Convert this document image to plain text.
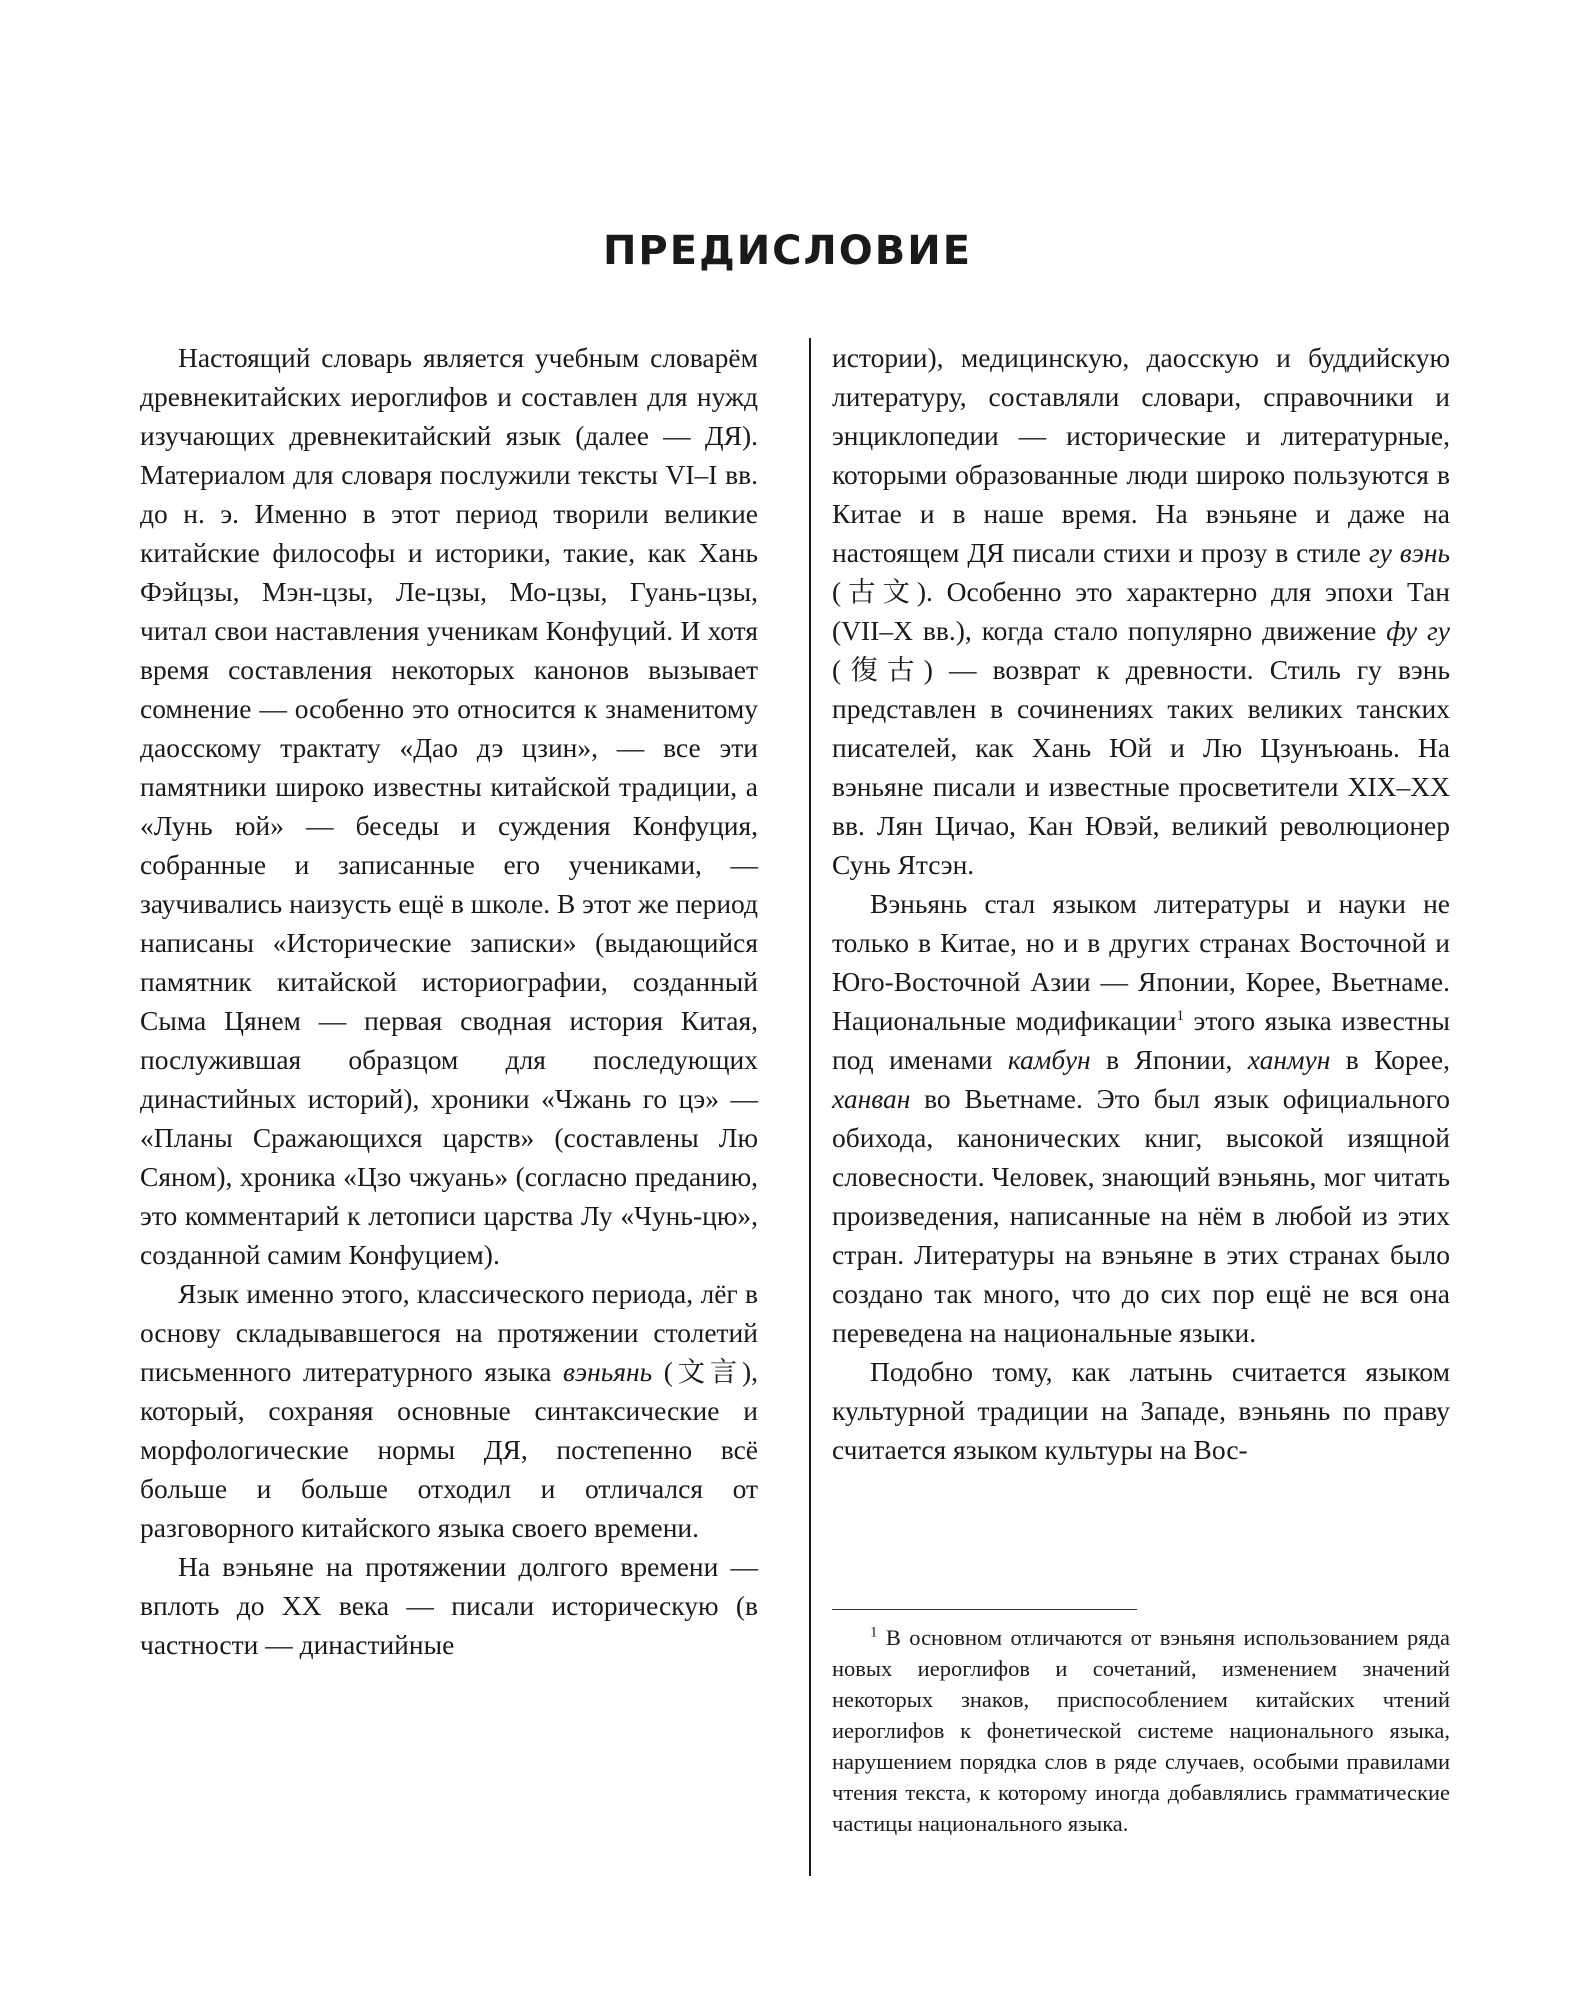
ПРЕДИСЛОВИЕ

Настоящий словарь является учебным словарём древнекитайских иероглифов и составлен для нужд изучающих древнекитайский язык (далее — ДЯ). Материалом для словаря послужили тексты VI–I вв. до н. э. Именно в этот период творили великие китайские философы и историки, такие, как Хань Фэйцзы, Мэн-цзы, Ле-цзы, Мо-цзы, Гуань-цзы, читал свои наставления ученикам Конфуций. И хотя время составления некоторых канонов вызывает сомнение — особенно это относится к знаменитому даосскому трактату «Дао дэ цзин», — все эти памятники широко известны китайской традиции, а «Лунь юй» — беседы и суждения Конфуция, собранные и записанные его учениками, — заучивались наизусть ещё в школе. В этот же период написаны «Исторические записки» (выдающийся памятник китайской историографии, созданный Сыма Цянем — первая сводная история Китая, послужившая образцом для последующих династийных историй), хроники «Чжань го цэ» — «Планы Сражающихся царств» (составлены Лю Сяном), хроника «Цзо чжуань» (согласно преданию, это комментарий к летописи царства Лу «Чунь-цю», созданной самим Конфуцием).

Язык именно этого, классического периода, лёг в основу складывавшегося на протяжении столетий письменного литературного языка вэньянь (文言), который, сохраняя основные синтаксические и морфологические нормы ДЯ, постепенно всё больше и больше отходил и отличался от разговорного китайского языка своего времени.

На вэньяне на протяжении долгого времени — вплоть до XX века — писали историческую (в частности — династийные

истории), медицинскую, даосскую и буддийскую литературу, составляли словари, справочники и энциклопедии — исторические и литературные, которыми образованные люди широко пользуются в Китае и в наше время. На вэньяне и даже на настоящем ДЯ писали стихи и прозу в стиле гу вэнь (古文). Особенно это характерно для эпохи Тан (VII–X вв.), когда стало популярно движение фу гу (復古) — возврат к древности. Стиль гу вэнь представлен в сочинениях таких великих танских писателей, как Хань Юй и Лю Цзунъюань. На вэньяне писали и известные просветители XIX–XX вв. Лян Цичао, Кан Ювэй, великий революционер Сунь Ятсэн.

Вэньянь стал языком литературы и науки не только в Китае, но и в других странах Восточной и Юго-Восточной Азии — Японии, Корее, Вьетнаме. Национальные модификации$^1$ этого языка известны под именами камбун в Японии, ханмун в Корее, ханван во Вьетнаме. Это был язык официального обихода, канонических книг, высокой изящной словесности. Человек, знающий вэньянь, мог читать произведения, написанные на нём в любой из этих стран. Литературы на вэньяне в этих странах было создано так много, что до сих пор ещё не вся она переведена на национальные языки.

Подобно тому, как латынь считается языком культурной традиции на Западе, вэньянь по праву считается языком культуры на Вос-

$^1$ В основном отличаются от вэньяня использованием ряда новых иероглифов и сочетаний, изменением значений некоторых знаков, приспособлением китайских чтений иероглифов к фонетической системе национального языка, нарушением порядка слов в ряде случаев, особыми правилами чтения текста, к которому иногда добавлялись грамматические частицы национального языка.
